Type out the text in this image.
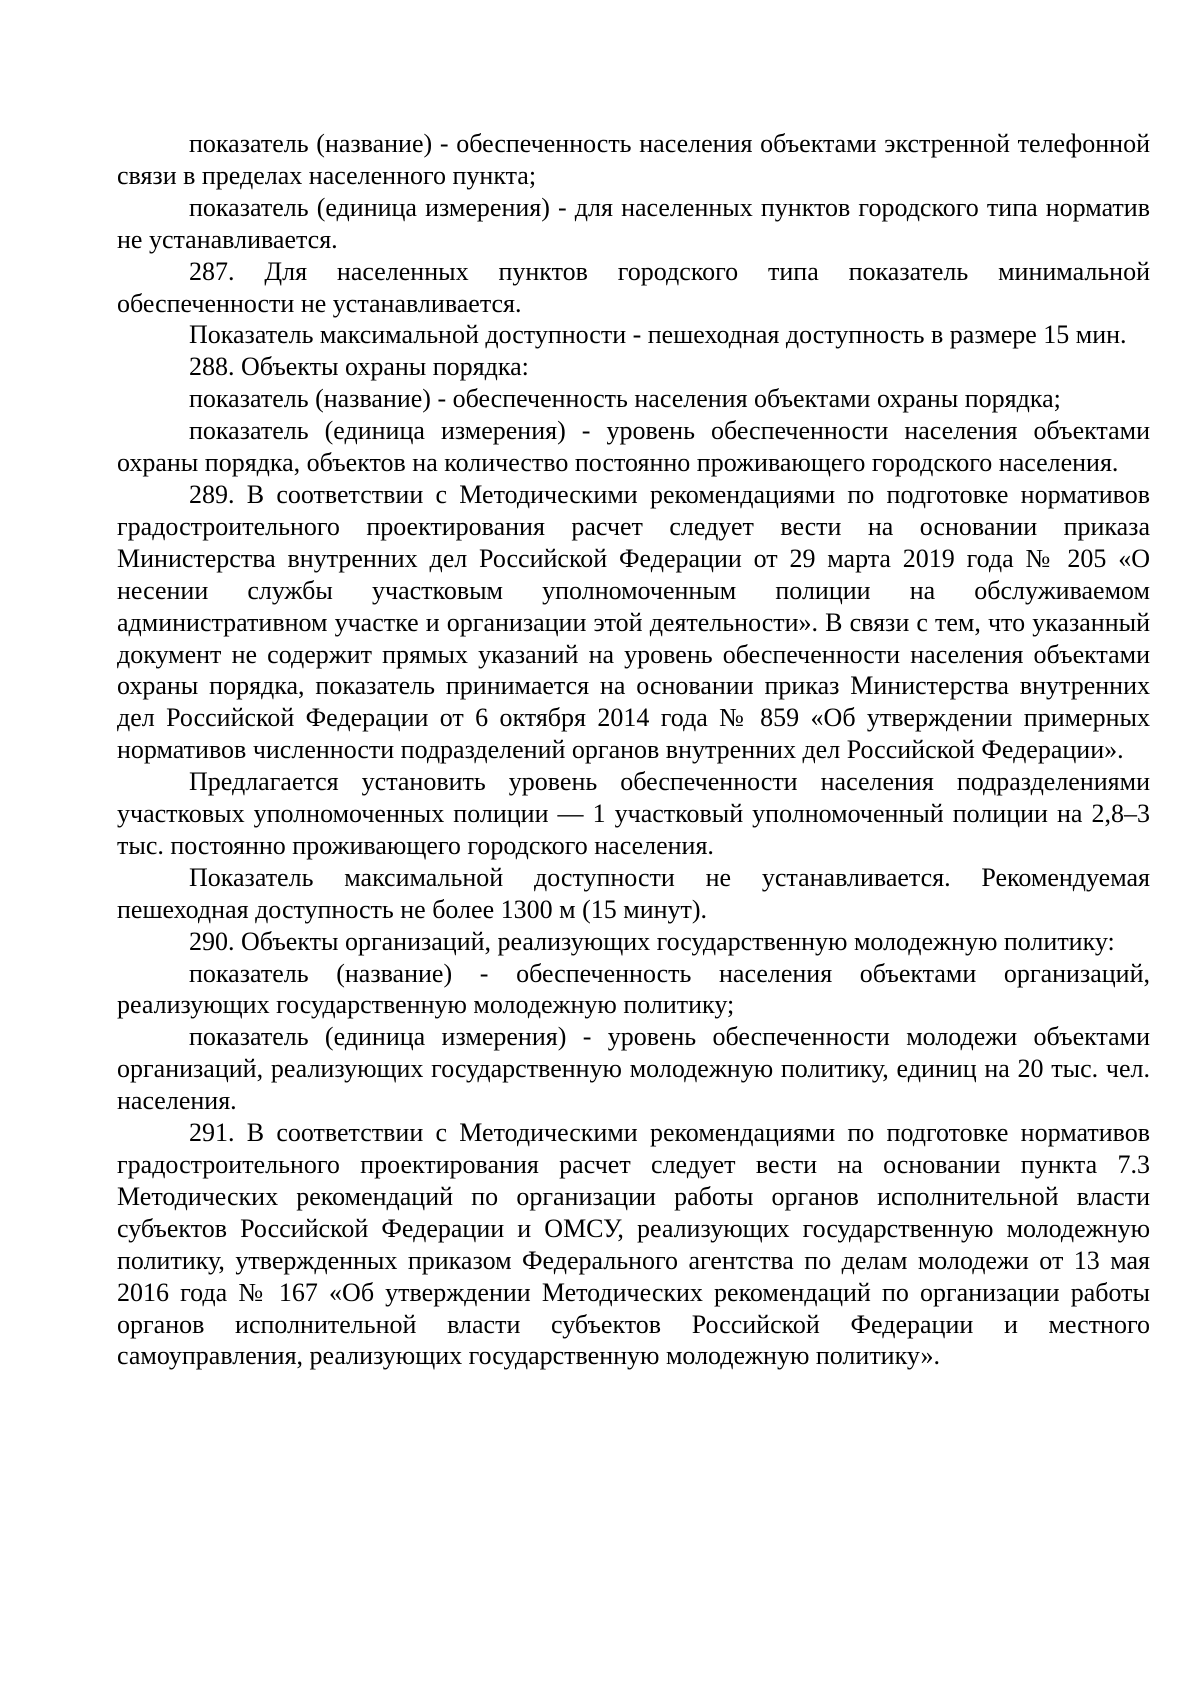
показатель (название) - обеспеченность населения объектами экстренной телефонной связи в пределах населенного пункта;

показатель (единица измерения) - для населенных пунктов городского типа норматив не устанавливается.

287. Для населенных пунктов городского типа показатель минимальной обеспеченности не устанавливается.

Показатель максимальной доступности - пешеходная доступность в размере 15 мин.

288. Объекты охраны порядка:

показатель (название) - обеспеченность населения объектами охраны порядка;

показатель (единица измерения) - уровень обеспеченности населения объектами охраны порядка, объектов на количество постоянно проживающего городского населения.

289. В соответствии с Методическими рекомендациями по подготовке нормативов градостроительного проектирования расчет следует вести на основании приказа Министерства внутренних дел Российской Федерации от 29 марта 2019 года № 205 «О несении службы участковым уполномоченным полиции на обслуживаемом административном участке и организации этой деятельности». В связи с тем, что указанный документ не содержит прямых указаний на уровень обеспеченности населения объектами охраны порядка, показатель принимается на основании приказ Министерства внутренних дел Российской Федерации от 6 октября 2014 года № 859 «Об утверждении примерных нормативов численности подразделений органов внутренних дел Российской Федерации».

Предлагается установить уровень обеспеченности населения подразделениями участковых уполномоченных полиции — 1 участковый уполномоченный полиции на 2,8–3 тыс. постоянно проживающего городского населения.

Показатель максимальной доступности не устанавливается. Рекомендуемая пешеходная доступность не более 1300 м (15 минут).

290. Объекты организаций, реализующих государственную молодежную политику:

показатель (название) - обеспеченность населения объектами организаций, реализующих государственную молодежную политику;

показатель (единица измерения) - уровень обеспеченности молодежи объектами организаций, реализующих государственную молодежную политику, единиц на 20 тыс. чел. населения.

291. В соответствии с Методическими рекомендациями по подготовке нормативов градостроительного проектирования расчет следует вести на основании пункта 7.3 Методических рекомендаций по организации работы органов исполнительной власти субъектов Российской Федерации и ОМСУ, реализующих государственную молодежную политику, утвержденных приказом Федерального агентства по делам молодежи от 13 мая 2016 года № 167 «Об утверждении Методических рекомендаций по организации работы органов исполнительной власти субъектов Российской Федерации и местного самоуправления, реализующих государственную молодежную политику».
